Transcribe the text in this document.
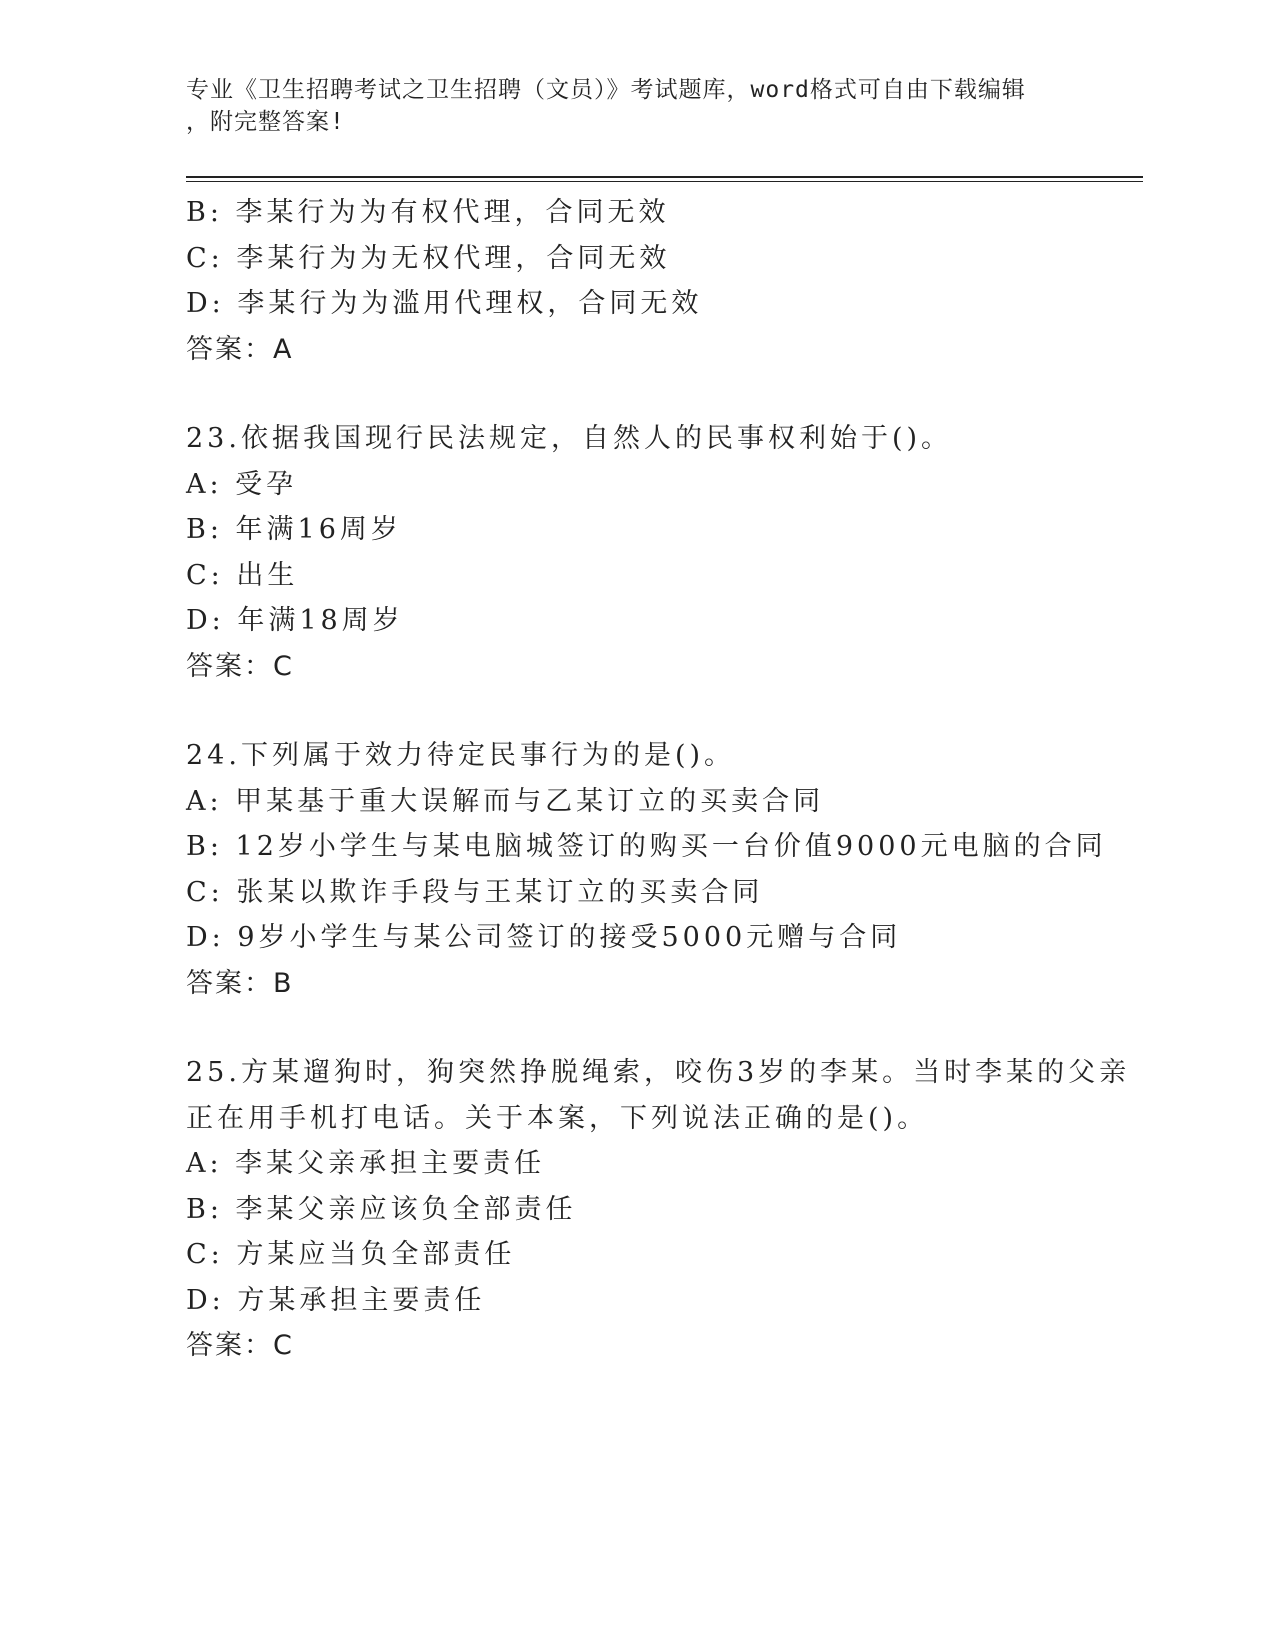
专业《卫生招聘考试之卫生招聘（文员）》考试题库，word格式可自由下载编辑
，附完整答案!
B: 李某行为为有权代理，合同无效
C: 李某行为为无权代理，合同无效
D: 李某行为为滥用代理权，合同无效
答案：A
23.依据我国现行民法规定，自然人的民事权利始于()。
A: 受孕
B: 年满16周岁
C: 出生
D: 年满18周岁
答案：C
24.下列属于效力待定民事行为的是()。
A: 甲某基于重大误解而与乙某订立的买卖合同
B: 12岁小学生与某电脑城签订的购买一台价值9000元电脑的合同
C: 张某以欺诈手段与王某订立的买卖合同
D: 9岁小学生与某公司签订的接受5000元赠与合同
答案：B
25.方某遛狗时，狗突然挣脱绳索，咬伤3岁的李某。当时李某的父亲
正在用手机打电话。关于本案，下列说法正确的是()。
A: 李某父亲承担主要责任
B: 李某父亲应该负全部责任
C: 方某应当负全部责任
D: 方某承担主要责任
答案：C
